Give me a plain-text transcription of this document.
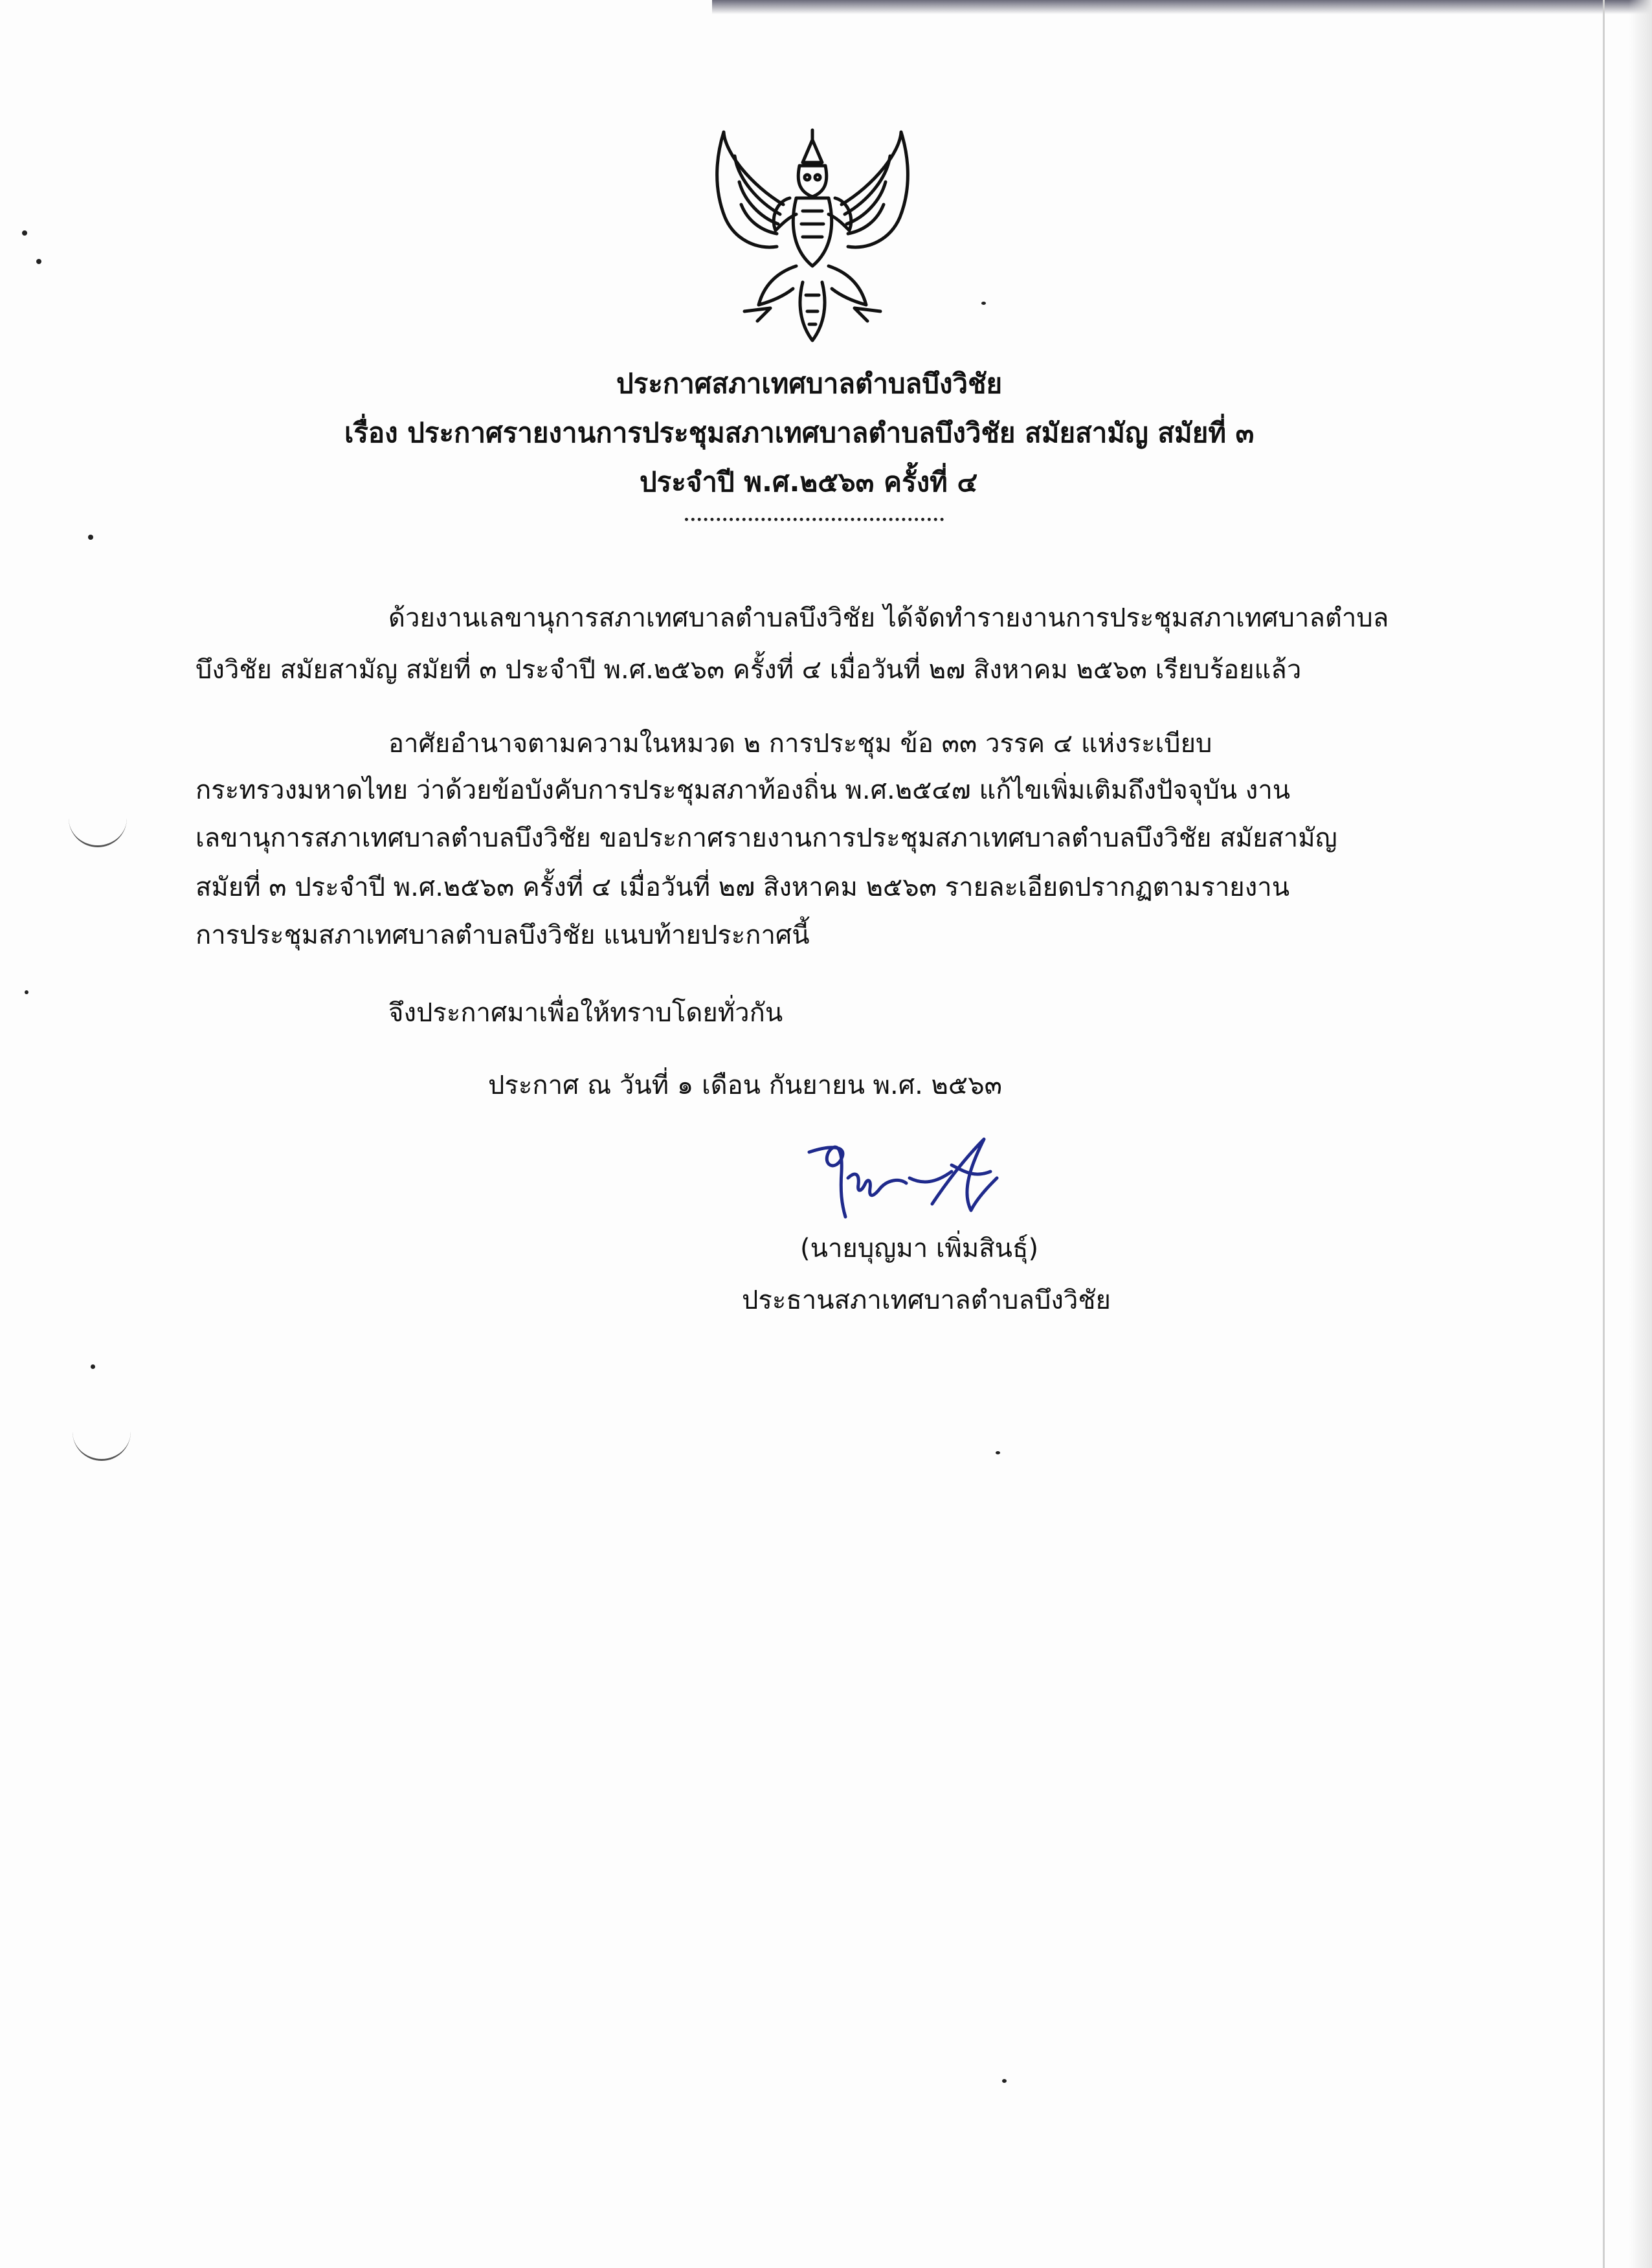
ประกาศสภาเทศบาลตำบลบึงวิชัย
เรื่อง ประกาศรายงานการประชุมสภาเทศบาลตำบลบึงวิชัย สมัยสามัญ สมัยที่ ๓
ประจำปี พ.ศ.๒๕๖๓ ครั้งที่ ๔
ด้วยงานเลขานุการสภาเทศบาลตำบลบึงวิชัย ได้จัดทำรายงานการประชุมสภาเทศบาลตำบล
บึงวิชัย สมัยสามัญ สมัยที่ ๓ ประจำปี พ.ศ.๒๕๖๓ ครั้งที่ ๔ เมื่อวันที่ ๒๗ สิงหาคม ๒๕๖๓ เรียบร้อยแล้ว
อาศัยอำนาจตามความในหมวด ๒ การประชุม ข้อ ๓๓ วรรค ๔ แห่งระเบียบ
กระทรวงมหาดไทย ว่าด้วยข้อบังคับการประชุมสภาท้องถิ่น พ.ศ.๒๕๔๗ แก้ไขเพิ่มเติมถึงปัจจุบัน งาน
เลขานุการสภาเทศบาลตำบลบึงวิชัย ขอประกาศรายงานการประชุมสภาเทศบาลตำบลบึงวิชัย สมัยสามัญ
สมัยที่ ๓ ประจำปี พ.ศ.๒๕๖๓ ครั้งที่ ๔ เมื่อวันที่ ๒๗ สิงหาคม ๒๕๖๓ รายละเอียดปรากฏตามรายงาน
การประชุมสภาเทศบาลตำบลบึงวิชัย แนบท้ายประกาศนี้
จึงประกาศมาเพื่อให้ทราบโดยทั่วกัน
ประกาศ ณ วันที่ ๑ เดือน กันยายน พ.ศ. ๒๕๖๓
(นายบุญมา เพิ่มสินธุ์)
ประธานสภาเทศบาลตำบลบึงวิชัย
